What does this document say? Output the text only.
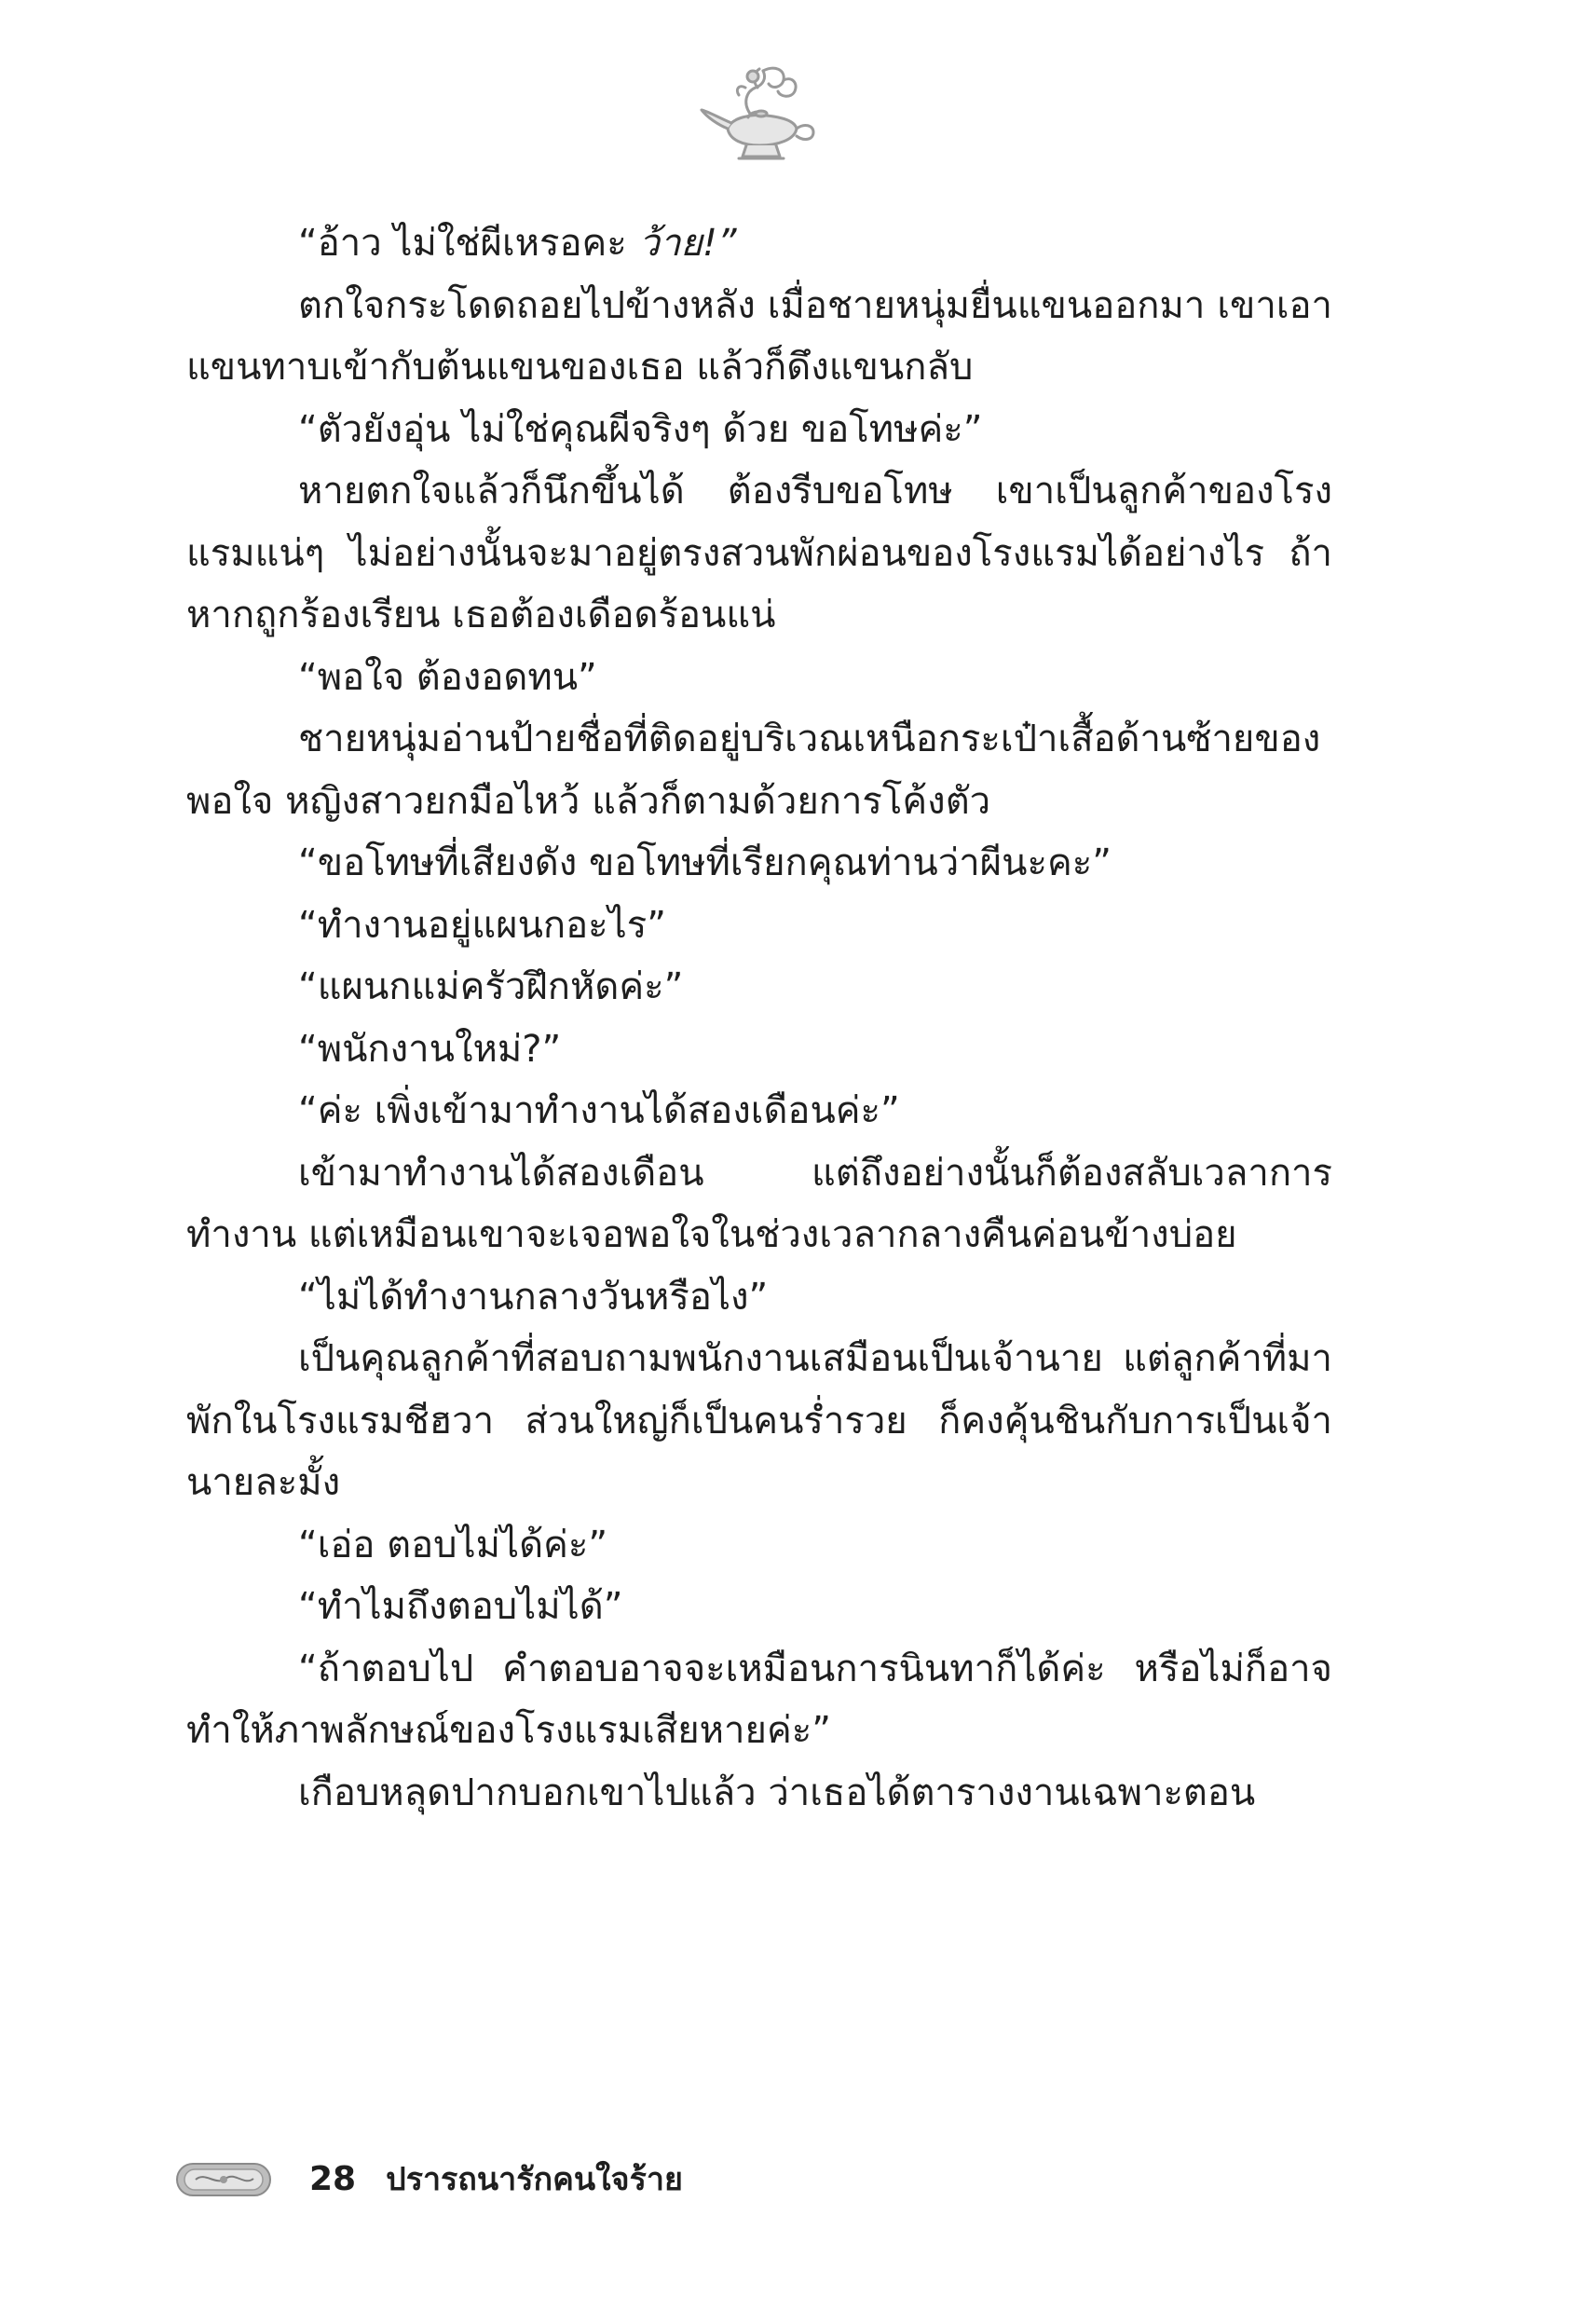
“อ้าว ไม่ใช่ผีเหรอคะ ว้าย!”

ตกใจกระโดดถอยไปข้างหลัง เมื่อชายหนุ่มยื่นแขนออกมา เขาเอาแขนทาบเข้ากับต้นแขนของเธอ แล้วก็ดึงแขนกลับ

“ตัวยังอุ่น ไม่ใช่คุณผีจริงๆ ด้วย ขอโทษค่ะ”

หายตกใจแล้วก็นึกขึ้นได้ ต้องรีบขอโทษ เขาเป็นลูกค้าของโรงแรมแน่ๆ ไม่อย่างนั้นจะมาอยู่ตรงสวนพักผ่อนของโรงแรมได้อย่างไร ถ้าหากถูกร้องเรียน เธอต้องเดือดร้อนแน่

“พอใจ ต้องอดทน”

ชายหนุ่มอ่านป้ายชื่อที่ติดอยู่บริเวณเหนือกระเป๋าเสื้อด้านซ้ายของพอใจ หญิงสาวยกมือไหว้ แล้วก็ตามด้วยการโค้งตัว

“ขอโทษที่เสียงดัง ขอโทษที่เรียกคุณท่านว่าผีนะคะ”

“ทำงานอยู่แผนกอะไร”

“แผนกแม่ครัวฝึกหัดค่ะ”

“พนักงานใหม่?”

“ค่ะ เพิ่งเข้ามาทำงานได้สองเดือนค่ะ”

เข้ามาทำงานได้สองเดือน แต่ถึงอย่างนั้นก็ต้องสลับเวลาการทำงาน แต่เหมือนเขาจะเจอพอใจในช่วงเวลากลางคืนค่อนข้างบ่อย

“ไม่ได้ทำงานกลางวันหรือไง”

เป็นคุณลูกค้าที่สอบถามพนักงานเสมือนเป็นเจ้านาย แต่ลูกค้าที่มาพักในโรงแรมชีฮวา ส่วนใหญ่ก็เป็นคนร่ำรวย ก็คงคุ้นชินกับการเป็นเจ้านายละมั้ง

“เอ่อ ตอบไม่ได้ค่ะ”

“ทำไมถึงตอบไม่ได้”

“ถ้าตอบไป คำตอบอาจจะเหมือนการนินทาก็ได้ค่ะ หรือไม่ก็อาจทำให้ภาพลักษณ์ของโรงแรมเสียหายค่ะ”

เกือบหลุดปากบอกเขาไปแล้ว ว่าเธอได้ตารางงานเฉพาะตอน

28 ปรารถนารักคนใจร้าย
